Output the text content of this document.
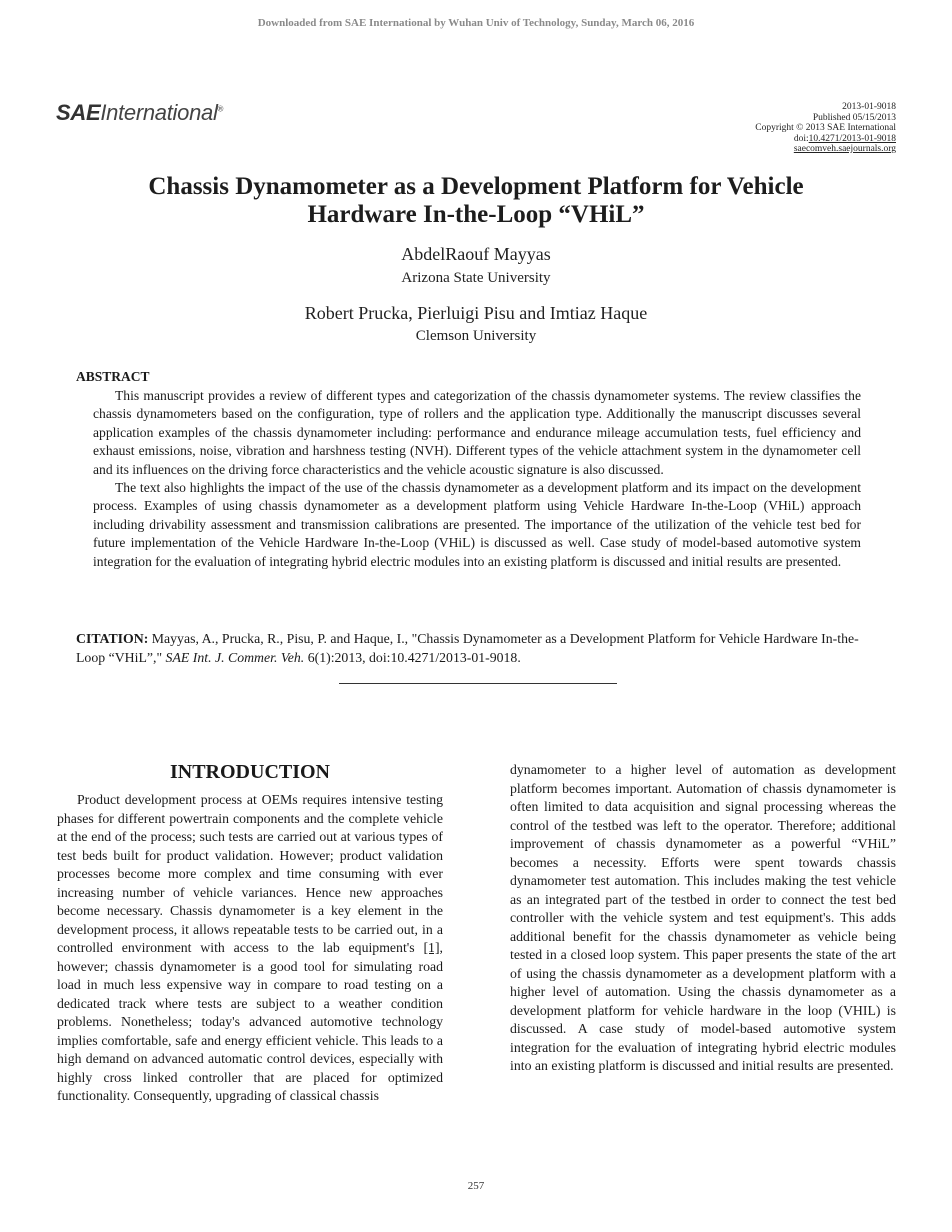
Downloaded from SAE International by Wuhan Univ of Technology, Sunday, March 06, 2016
SAEInternational®	2013-01-9018
Published 05/15/2013
Copyright © 2013 SAE International
doi:10.4271/2013-01-9018
saecomveh.saejournals.org
Chassis Dynamometer as a Development Platform for Vehicle
Hardware In-the-Loop “VHiL”
AbdelRaouf Mayyas
Arizona State University
Robert Prucka, Pierluigi Pisu and Imtiaz Haque
Clemson University
ABSTRACT

This manuscript provides a review of different types and categorization of the chassis dynamometer systems. The review classifies the chassis dynamometers based on the configuration, type of rollers and the application type. Additionally the manuscript discusses several application examples of the chassis dynamometer including: performance and endurance mileage accumulation tests, fuel efficiency and exhaust emissions, noise, vibration and harshness testing (NVH). Different types of the vehicle attachment system in the dynamometer cell and its influences on the driving force characteristics and the vehicle acoustic signature is also discussed.

The text also highlights the impact of the use of the chassis dynamometer as a development platform and its impact on the development process. Examples of using chassis dynamometer as a development platform using Vehicle Hardware In-the-Loop (VHiL) approach including drivability assessment and transmission calibrations are presented. The importance of the utilization of the vehicle test bed for future implementation of the Vehicle Hardware In-the-Loop (VHiL) is discussed as well. Case study of model-based automotive system integration for the evaluation of integrating hybrid electric modules into an existing platform is discussed and initial results are presented.

CITATION: Mayyas, A., Prucka, R., Pisu, P. and Haque, I., "Chassis Dynamometer as a Development Platform for Vehicle Hardware In-the-Loop “VHiL”," SAE Int. J. Commer. Veh. 6(1):2013, doi:10.4271/2013-01-9018.
INTRODUCTION

Product development process at OEMs requires intensive testing phases for different powertrain components and the complete vehicle at the end of the process; such tests are carried out at various types of test beds built for product validation. However; product validation processes become more complex and time consuming with ever increasing number of vehicle variances. Hence new approaches become necessary. Chassis dynamometer is a key element in the development process, it allows repeatable tests to be carried out, in a controlled environment with access to the lab equipment's [1], however; chassis dynamometer is a good tool for simulating road load in much less expensive way in compare to road testing on a dedicated track where tests are subject to a weather condition problems. Nonetheless; today's advanced automotive technology implies comfortable, safe and energy efficient vehicle. This leads to a high demand on advanced automatic control devices, especially with highly cross linked controller that are placed for optimized functionality. Consequently, upgrading of classical chassis

dynamometer to a higher level of automation as development platform becomes important. Automation of chassis dynamometer is often limited to data acquisition and signal processing whereas the control of the testbed was left to the operator. Therefore; additional improvement of chassis dynamometer as a powerful “VHiL” becomes a necessity. Efforts were spent towards chassis dynamometer test automation. This includes making the test vehicle as an integrated part of the testbed in order to connect the test bed controller with the vehicle system and test equipment's. This adds additional benefit for the chassis dynamometer as vehicle being tested in a closed loop system. This paper presents the state of the art of using the chassis dynamometer as a development platform with a higher level of automation. Using the chassis dynamometer as a development platform for vehicle hardware in the loop (VHIL) is discussed. A case study of model-based automotive system integration for the evaluation of integrating hybrid electric modules into an existing platform is discussed and initial results are presented.

257
